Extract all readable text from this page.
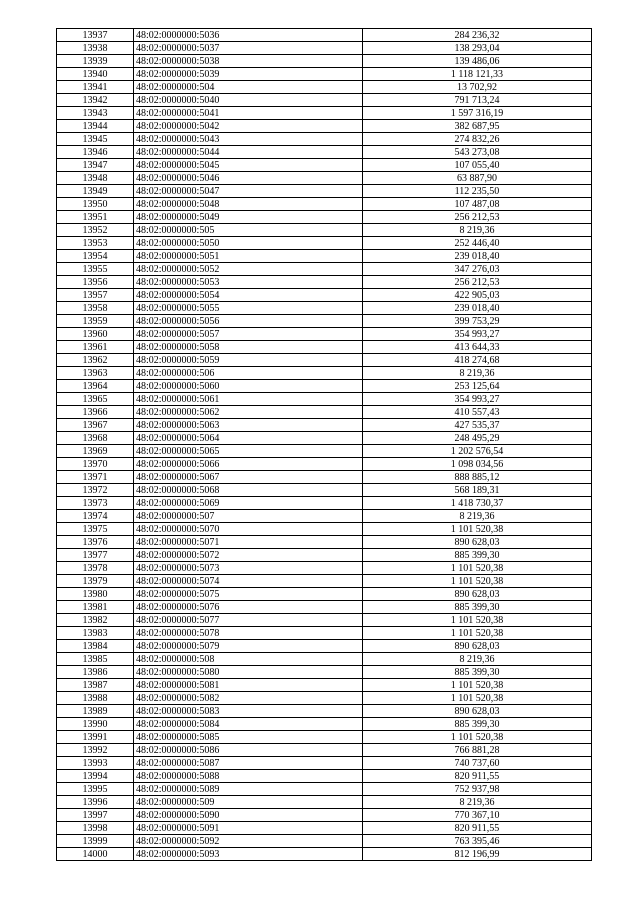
13937	48:02:0000000:5036	284 236,32
13938	48:02:0000000:5037	138 293,04
13939	48:02:0000000:5038	139 486,06
13940	48:02:0000000:5039	1 118 121,33
13941	48:02:0000000:504	13 702,92
13942	48:02:0000000:5040	791 713,24
13943	48:02:0000000:5041	1 597 316,19
13944	48:02:0000000:5042	382 687,95
13945	48:02:0000000:5043	274 832,26
13946	48:02:0000000:5044	543 273,08
13947	48:02:0000000:5045	107 055,40
13948	48:02:0000000:5046	63 887,90
13949	48:02:0000000:5047	112 235,50
13950	48:02:0000000:5048	107 487,08
13951	48:02:0000000:5049	256 212,53
13952	48:02:0000000:505	8 219,36
13953	48:02:0000000:5050	252 446,40
13954	48:02:0000000:5051	239 018,40
13955	48:02:0000000:5052	347 276,03
13956	48:02:0000000:5053	256 212,53
13957	48:02:0000000:5054	422 905,03
13958	48:02:0000000:5055	239 018,40
13959	48:02:0000000:5056	399 753,29
13960	48:02:0000000:5057	354 993,27
13961	48:02:0000000:5058	413 644,33
13962	48:02:0000000:5059	418 274,68
13963	48:02:0000000:506	8 219,36
13964	48:02:0000000:5060	253 125,64
13965	48:02:0000000:5061	354 993,27
13966	48:02:0000000:5062	410 557,43
13967	48:02:0000000:5063	427 535,37
13968	48:02:0000000:5064	248 495,29
13969	48:02:0000000:5065	1 202 576,54
13970	48:02:0000000:5066	1 098 034,56
13971	48:02:0000000:5067	888 885,12
13972	48:02:0000000:5068	568 189,31
13973	48:02:0000000:5069	1 418 730,37
13974	48:02:0000000:507	8 219,36
13975	48:02:0000000:5070	1 101 520,38
13976	48:02:0000000:5071	890 628,03
13977	48:02:0000000:5072	885 399,30
13978	48:02:0000000:5073	1 101 520,38
13979	48:02:0000000:5074	1 101 520,38
13980	48:02:0000000:5075	890 628,03
13981	48:02:0000000:5076	885 399,30
13982	48:02:0000000:5077	1 101 520,38
13983	48:02:0000000:5078	1 101 520,38
13984	48:02:0000000:5079	890 628,03
13985	48:02:0000000:508	8 219,36
13986	48:02:0000000:5080	885 399,30
13987	48:02:0000000:5081	1 101 520,38
13988	48:02:0000000:5082	1 101 520,38
13989	48:02:0000000:5083	890 628,03
13990	48:02:0000000:5084	885 399,30
13991	48:02:0000000:5085	1 101 520,38
13992	48:02:0000000:5086	766 881,28
13993	48:02:0000000:5087	740 737,60
13994	48:02:0000000:5088	820 911,55
13995	48:02:0000000:5089	752 937,98
13996	48:02:0000000:509	8 219,36
13997	48:02:0000000:5090	770 367,10
13998	48:02:0000000:5091	820 911,55
13999	48:02:0000000:5092	763 395,46
14000	48:02:0000000:5093	812 196,99
